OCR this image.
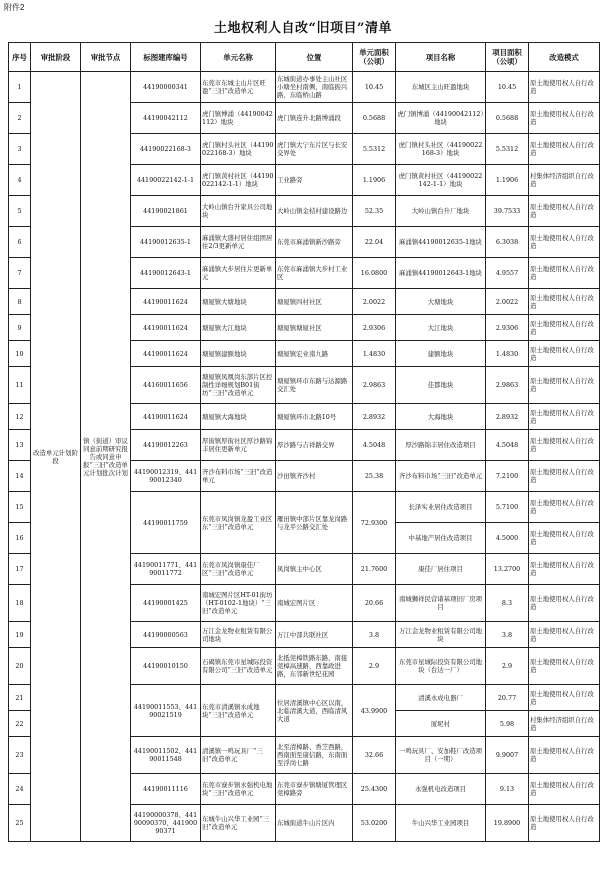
附件2
土地权利人自改“旧项目”清单
序号	审批阶段	审批节点	标图建库编号	单元名称	位置	单元面积（公顷）	项目名称	项目面积（公顷）	改造模式
1	改造单元计划阶段	镇（街道）审议同意前期研究报告或同意申报“三旧”改造单元计划批次计划	44190000341	东莞市东城主山片区旺盈“三旧”改造单元	东城街道办事处主山社区小塘坐村南侧，南临振兴路，东临桥山路	10.45	东城区主山旺盈地块	10.45	原土地使用权人自行改造
2			44190042112	虎门镇博涌（44190042112）地块	虎门镇连升北路博涌段	0.5688	虎门镇博涌（44190042112）地块	0.5688	原土地使用权人自行改造
3			44190022168-3	虎门镇村头社区（44190022168-3）地块	虎门镇大宁东片区与长安交界处	5.5312	虎门镇村头社区（44190022168-3）地块	5.5312	原土地使用权人自行改造
4			44190022142-1-1	虎门镇黄村社区（44190022142-1-1）地块	工业路旁	1.1906	虎门镇黄村社区（44190022142-1-1）地块	1.1906	村集体经济组织自行改造
5			44190021861	大岭山镇台升家具公司地块	大岭山镇金桔村建设路边	52.35	大岭山镇台升厂地块	39.7533	原土地使用权人自行改造
6			44190012635-1	麻涌镇大盛村居住组团居住2/3更新单元	东莞市麻涌镇新沙路旁	22.04	麻涌镇44190012635-1地块	6.3038	原土地使用权人自行改造
7			44190012643-1	麻涌镇大步居住片更新单元	东莞市麻涌镇大步村工业区	16.0800	麻涌镇44190012643-1地块	4.9557	原土地使用权人自行改造
8			44190011624	塘厦镇大塘地块	塘厦镇四村社区	2.0022	大塘地块	2.0022	原土地使用权人自行改造
9			44190011624	塘厦镇大江地块	塘厦镇塘厦社区	2.9306	大江地块	2.9306	原土地使用权人自行改造
10			44190011624	塘厦镇建额地块	塘厦镇宏业南九路	1.4830	建额地块	1.4830	原土地使用权人自行改造
11			44160011656	塘厦镇凤凰岗东部片区控制性详细规划B01街坊“三旧”改造单元	塘厦镇环市东路与达源路交汇处	2.9863	佳都地块	2.9863	原土地使用权人自行改造
12			44190011624	塘厦镇大海地块	塘厦镇环市北路10号	2.8932	大海地块	2.8932	原土地使用权人自行改造
13			44190012263	厚街镇厚街社区厚沙路锦丰居住更新单元	厚沙路与吉祥路交界	4.5048	厚沙路锦丰居住改造项目	4.5048	原土地使用权人自行改造
14			44190012319、44190012340	齐沙布料市场“三旧”改造单元	沙田镇齐沙村	25.38	齐沙布料市场“三旧”改造单元	7.2100	原土地使用权人自行改造
15			44190011759	东莞市凤岗镇龙盈工业区东“三旧”改造单元	雁田镇中部片区靠龙岗路与龙平公路交汇处	72.9300	长泽实业居住改造项目	5.7100	原土地使用权人自行改造
16							中基地产居住改造项目	4.5000	原土地使用权人自行改造
17			44190011771、44190011772	东莞市凤岗镇康佳厂区“三旧”改造单元	凤岗镇主中心区	21.7600	康佳厂居住项目	13.2700	原土地使用权人自行改造
18			44190001425	南城宏图片区HT-01街坊（HT-0102-1地块）“三旧”改造单元	南城宏图片区	20.66	南城狮祥民营诸基项旧厂房项目	8.3	原土地使用权人自行改造
19			44190000563	万江金龙物业租赁有限公司地块	万江中部共联社区	3.8	万江金龙物业租赁有限公司地块	3.8	原土地使用权人自行改造
20			44190010150	石碣镇东莞市星城际投资有限公司“三旧”改造单元	北抵莞樟铁路东路，南接莞樟高速路，西靠政进路，东邻新世纪花园	2.9	东莞市星城际投资有限公司地块（台达一厂）	2.9	原土地使用权人自行改造
21			44190011553、44190021519	东莞市清溪镇永成地块“三旧”改造单元	位居清溪镇中心区以南，北临清溪大道，西临清风大道	43.9900	清溪永成电器厂	20.77	原土地使用权人自行改造
22							厦坭村	5.98	村集体经济组织自行改造
23			44190011502、44190011548	清溪镇一鸣玩具厂“三旧”改造单元	北至清樟路、香芝西路，西南面至康信路，东南面至浮岗七路	32.66	一鸣玩具厂、安加鞋厂改造项目（一期）	9.9007	原土地使用权人自行改造
24			44190011116	东莞市寮步镇永强机电地块“三旧”改造单元	东莞市寮步镇塘厦管理区莞樟路旁	25.4300	永强机电改造项目	9.13	原土地使用权人自行改造
25			44190000378、44190090370、44190090371	东城牛山兴华工业园“三旧”改造单元	东城街道牛山片区内	53.0200	牛山兴华工业园项目	19.8900	原土地使用权人自行改造
